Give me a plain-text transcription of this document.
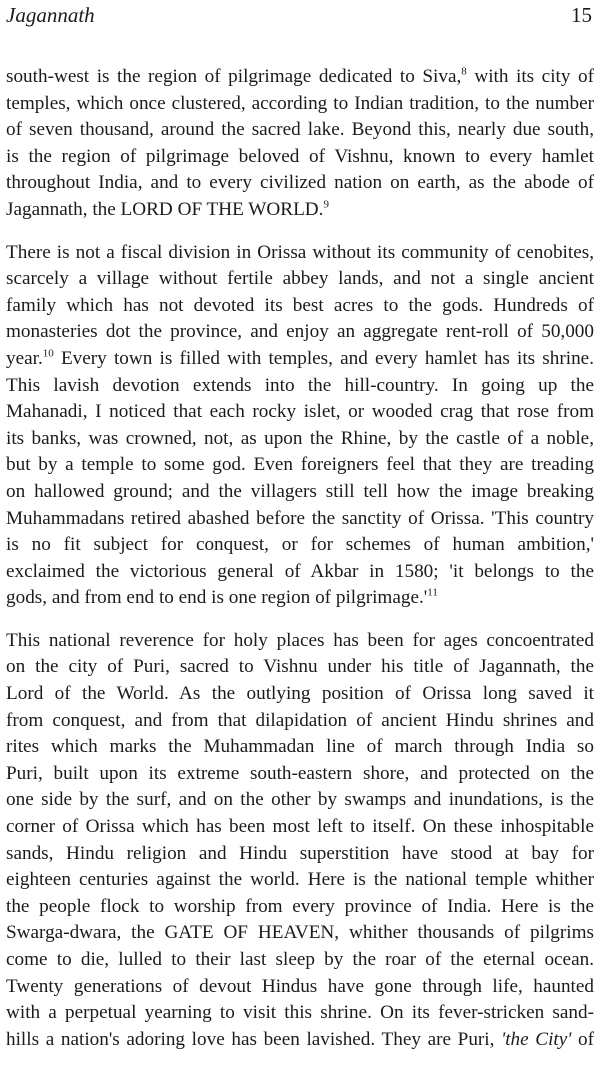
Jagannath	15
south-west is the region of pilgrimage dedicated to Siva,$^8$ with its city of
temples, which once clustered, according to Indian tradition, to the number
of seven thousand, around the sacred lake. Beyond this, nearly due south,
is the region of pilgrimage beloved of Vishnu, known to every hamlet
throughout India, and to every civilized nation on earth, as the abode of
Jagannath, the LORD OF THE WORLD.$^9$
There is not a fiscal division in Orissa without its community of cenobites,
scarcely a village without fertile abbey lands, and not a single ancient
family which has not devoted its best acres to the gods. Hundreds of
monasteries dot the province, and enjoy an aggregate rent-roll of 50,000
year.$^{10}$ Every town is filled with temples, and every hamlet has its shrine.
This lavish devotion extends into the hill-country. In going up the
Mahanadi, I noticed that each rocky islet, or wooded crag that rose from
its banks, was crowned, not, as upon the Rhine, by the castle of a noble,
but by a temple to some god. Even foreigners feel that they are treading
on hallowed ground; and the villagers still tell how the image breaking
Muhammadans retired abashed before the sanctity of Orissa. 'This country
is no fit subject for conquest, or for schemes of human ambition,'
exclaimed the victorious general of Akbar in 1580; 'it belongs to the
gods, and from end to end is one region of pilgrimage.'$^{11}$
This national reverence for holy places has been for ages concoentrated
on the city of Puri, sacred to Vishnu under his title of Jagannath, the
Lord of the World. As the outlying position of Orissa long saved it
from conquest, and from that dilapidation of ancient Hindu shrines and
rites which marks the Muhammadan line of march through India so
Puri, built upon its extreme south-eastern shore, and protected on the
one side by the surf, and on the other by swamps and inundations, is the
corner of Orissa which has been most left to itself. On these inhospitable
sands, Hindu religion and Hindu superstition have stood at bay for
eighteen centuries against the world. Here is the national temple whither
the people flock to worship from every province of India. Here is the
Swarga-dwara, the GATE OF HEAVEN, whither thousands of pilgrims
come to die, lulled to their last sleep by the roar of the eternal ocean.
Twenty generations of devout Hindus have gone through life, haunted
with a perpetual yearning to visit this shrine. On its fever-stricken sand-
hills a nation's adoring love has been lavished. They are Puri, 'the City' of
